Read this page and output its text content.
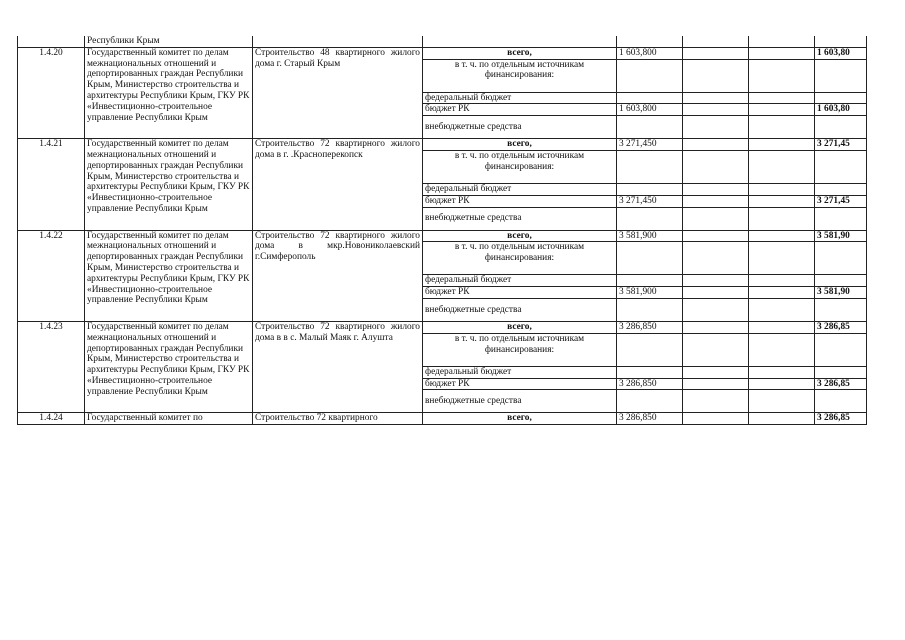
	Республики Крым						
1.4.20	Государственный комитет по делам межнациональных отношений и депортированных граждан Республики Крым, Министерство строительства и архитектуры Республики Крым, ГКУ РК «Инвестиционно-строительное управление Республики Крым	Строительство 48 квартирного жилого дома г. Старый Крым	всего,	1 603,800			1 603,80
			в т. ч. по отдельным источникам финансирования:				
			федеральный бюджет				
			бюджет РК	1 603,800			1 603,80
			внебюджетные средства				
1.4.21	Государственный комитет по делам межнациональных отношений и депортированных граждан Республики Крым, Министерство строительства и архитектуры Республики Крым, ГКУ РК «Инвестиционно-строительное управление Республики Крым	Строительство 72 квартирного жилого дома в г. .Красноперекопск	всего,	3 271,450			3 271,45
			в т. ч. по отдельным источникам финансирования:				
			федеральный бюджет				
			бюджет РК	3 271,450			3 271,45
			внебюджетные средства				
1.4.22	Государственный комитет по делам межнациональных отношений и депортированных граждан Республики Крым, Министерство строительства и архитектуры Республики Крым, ГКУ РК «Инвестиционно-строительное управление Республики Крым	Строительство 72 квартирного жилого дома в мкр.Новониколаевский г.Симферополь	всего,	3 581,900			3 581,90
			в т. ч. по отдельным источникам финансирования:				
			федеральный бюджет				
			бюджет РК	3 581,900			3 581,90
			внебюджетные средства				
1.4.23	Государственный комитет по делам межнациональных отношений и депортированных граждан Республики Крым, Министерство строительства и архитектуры Республики Крым, ГКУ РК «Инвестиционно-строительное управление Республики Крым	Строительство 72 квартирного жилого дома в в с. Малый Маяк г. Алушта	всего,	3 286,850			3 286,85
			в т. ч. по отдельным источникам финансирования:				
			федеральный бюджет				
			бюджет РК	3 286,850			3 286,85
			внебюджетные средства				
1.4.24	Государственный комитет по	Строительство 72 квартирного	всего,	3 286,850			3 286,85
